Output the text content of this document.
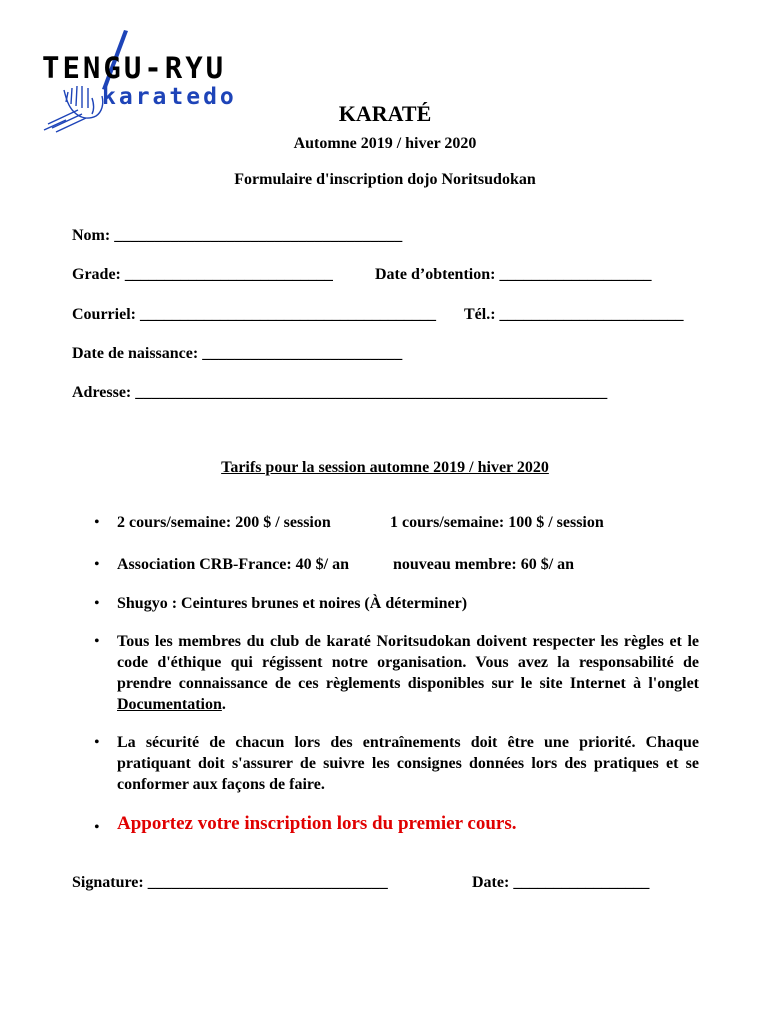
TENGU-RYU
karatedo
KARATÉ
Automne 2019 / hiver 2020
Formulaire d'inscription dojo Noritsudokan
Nom: ____________________________________
Grade: __________________________	Date d’obtention: ___________________
Courriel: _____________________________________ Tél.: _______________________
Date de naissance: _________________________
Adresse: ___________________________________________________________
Tarifs pour la session automne 2019 / hiver 2020
• 2 cours/semaine: 200 $ / session	1 cours/semaine: 100 $ / session
• Association CRB-France: 40 $/ an	nouveau membre: 60 $/ an
• Shugyo : Ceintures brunes et noires (À déterminer)
• Tous les membres du club de karaté Noritsudokan doivent respecter les règles et le code d'éthique qui régissent notre organisation. Vous avez la responsabilité de prendre connaissance de ces règlements disponibles sur le site Internet à l'onglet Documentation.
• La sécurité de chacun lors des entraînements doit être une priorité. Chaque pratiquant doit s'assurer de suivre les consignes données lors des pratiques et se conformer aux façons de faire.
• Apportez votre inscription lors du premier cours.
Signature: ______________________________	Date: _________________
